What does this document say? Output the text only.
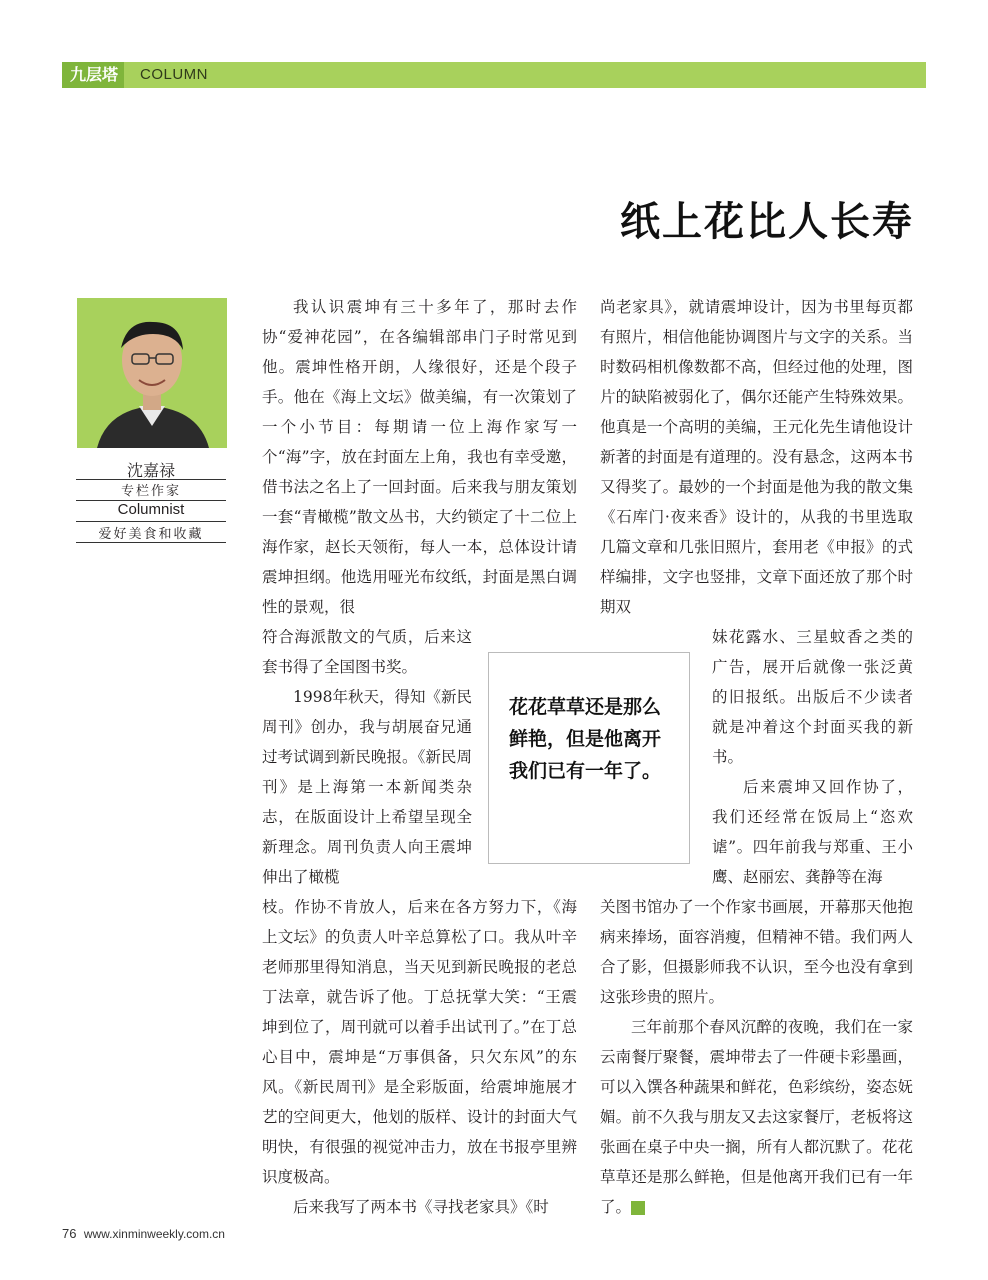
九层塔	COLUMN
纸上花比人长寿
沈嘉禄
专栏作家
Columnist
爱好美食和收藏

我认识震坤有三十多年了，那时去作协“爱神花园”，在各编辑部串门子时常见到他。震坤性格开朗，人缘很好，还是个段子手。他在《海上文坛》做美编，有一次策划了一个小节目：每期请一位上海作家写一个“海”字，放在封面左上角，我也有幸受邀，借书法之名上了一回封面。后来我与朋友策划一套“青橄榄”散文丛书，大约锁定了十二位上海作家，赵长天领衔，每人一本，总体设计请震坤担纲。他选用哑光布纹纸，封面是黑白调性的景观，很

符合海派散文的气质，后来这套书得了全国图书奖。

1998年秋天，得知《新民周刊》创办，我与胡展奋兄通过考试调到新民晚报。《新民周刊》是上海第一本新闻类杂志，在版面设计上希望呈现全新理念。周刊负责人向王震坤伸出了橄榄

枝。作协不肯放人，后来在各方努力下，《海上文坛》的负责人叶辛总算松了口。我从叶辛老师那里得知消息，当天见到新民晚报的老总丁法章，就告诉了他。丁总抚掌大笑：“王震坤到位了，周刊就可以着手出试刊了。”在丁总心目中，震坤是“万事俱备，只欠东风”的东风。《新民周刊》是全彩版面，给震坤施展才艺的空间更大，他划的版样、设计的封面大气明快，有很强的视觉冲击力，放在书报亭里辨识度极高。

后来我写了两本书《寻找老家具》《时

尚老家具》，就请震坤设计，因为书里每页都有照片，相信他能协调图片与文字的关系。当时数码相机像数都不高，但经过他的处理，图片的缺陷被弱化了，偶尔还能产生特殊效果。他真是一个高明的美编，王元化先生请他设计新著的封面是有道理的。没有悬念，这两本书又得奖了。最妙的一个封面是他为我的散文集《石库门·夜来香》设计的，从我的书里选取几篇文章和几张旧照片，套用老《申报》的式样编排，文字也竖排，文章下面还放了那个时期双

妹花露水、三星蚊香之类的广告，展开后就像一张泛黄的旧报纸。出版后不少读者就是冲着这个封面买我的新书。

后来震坤又回作协了，我们还经常在饭局上“恣欢谑”。四年前我与郑重、王小鹰、赵丽宏、龚静等在海

关图书馆办了一个作家书画展，开幕那天他抱病来捧场，面容消瘦，但精神不错。我们两人合了影，但摄影师我不认识，至今也没有拿到这张珍贵的照片。

三年前那个春风沉醉的夜晚，我们在一家云南餐厅聚餐，震坤带去了一件硬卡彩墨画，可以入馔各种蔬果和鲜花，色彩缤纷，姿态妩媚。前不久我与朋友又去这家餐厅，老板将这张画在桌子中央一搁，所有人都沉默了。花花草草还是那么鲜艳，但是他离开我们已有一年了。	民

花花草草还是那么鲜艳，但是他离开我们已有一年了。
76 www.xinminweekly.com.cn
